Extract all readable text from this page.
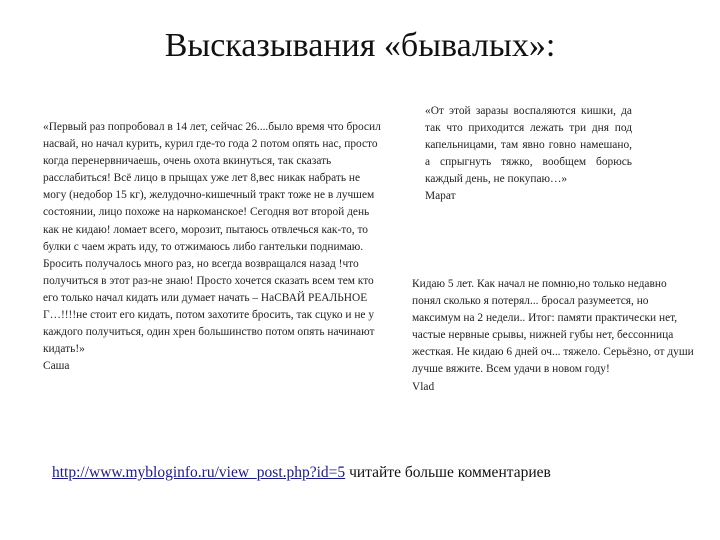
Высказывания «бывалых»:

«Первый раз попробовал в 14 лет, сейчас 26....было время что бросил насвай, но начал курить, курил где-то года 2 потом опять нас, просто когда перенервничаешь, очень охота вкинуться, так сказать расслабиться! Всё лицо в прыщах уже лет 8,вес никак набрать не могу (недобор 15 кг), желудочно-кишечный тракт тоже не в лучшем состоянии, лицо похоже на наркоманское! Сегодня вот второй день как не кидаю! ломает всего, морозит, пытаюсь отвлечься как-то, то булки с чаем жрать иду, то отжимаюсь либо гантельки поднимаю. Бросить получалось много раз, но всегда возвращался назад !что получиться в этот раз-не знаю! Просто хочется сказать всем тем кто его только начал кидать или думает начать – НаСВАЙ РЕАЛЬНОЕ Г…!!!!не стоит его кидать, потом захотите бросить, так сцуко и не у каждого получиться, один хрен большинство потом опять начинают кидать!»

Саша

«От этой заразы воспаляются кишки, да так что приходится лежать три дня под капельницами, там явно говно намешано, а спрыгнуть тяжко, вообщем борюсь каждый день, не покупаю…»

Марат

Кидаю 5 лет. Как начал не помню,но только недавно понял сколько я потерял... бросал разумеется, но максимум на 2 недели.. Итог: памяти практически нет, частые нервные срывы, нижней губы нет, бессонница жесткая. Не кидаю 6 дней оч... тяжело. Серьёзно, от души лучше вяжите. Всем удачи в новом году!

Vlad

http://www.mybloginfo.ru/view_post.php?id=5 читайте больше комментариев
